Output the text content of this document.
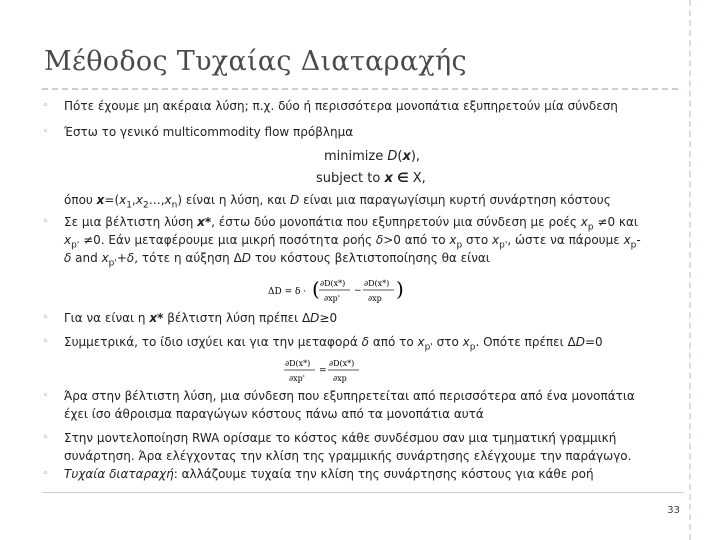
Μέθοδος Τυχαίας Διαταραχής
◦ Πότε έχουμε μη ακέραια λύση; π.χ. δύο ή περισσότερα μονοπάτια εξυπηρετούν μία σύνδεση
◦ Έστω το γενικό multicommodity flow πρόβλημα
minimize D(x),
subject to x ∈ X,
όπου $x=(x_1,x_2\dots,x_n)$ είναι η λύση, και D είναι μια παραγωγίσιμη κυρτή συνάρτηση κόστους
◦ Σε μια βέλτιστη λύση x*, έστω δύο μονοπάτια που εξυπηρετούν μια σύνδεση με ροές $x_p \ne 0$ και
$x_{p'} \ne 0$. Εάν μεταφέρουμε μια μικρή ποσότητα ροής δ>0 από το $x_p$ στο $x_{p'}$, ώστε να πάρουμε $x_p-$
δ and $x_{p'}+\delta$, τότε η αύξηση ΔD του κόστους βελτιστοποίησης θα είναι
ΔD = δ · ( ∂D(x*)
∂xp'
−
∂D(x*)
∂xp )
◦ Για να είναι η x* βέλτιστη λύση πρέπει ΔD≥0
◦ Συμμετρικά, το ίδιο ισχύει και για την μεταφορά δ από το $x_{p'}$ στο $x_p$. Οπότε πρέπει ΔD=0
∂D(x*)
∂xp'
=
∂D(x*)
∂xp
◦ Άρα στην βέλτιστη λύση, μια σύνδεση που εξυπηρετείται από περισσότερα από ένα μονοπάτια
έχει ίσο άθροισμα παραγώγων κόστους πάνω από τα μονοπάτια αυτά
◦ Στην μοντελοποίηση RWA ορίσαμε το κόστος κάθε συνδέσμου σαν μια τμηματική γραμμική
συνάρτηση. Άρα ελέγχοντας την κλίση της γραμμικής συνάρτησης ελέγχουμε την παράγωγο.
◦ Τυχαία διαταραχή: αλλάζουμε τυχαία την κλίση της συνάρτησης κόστους για κάθε ροή
33
